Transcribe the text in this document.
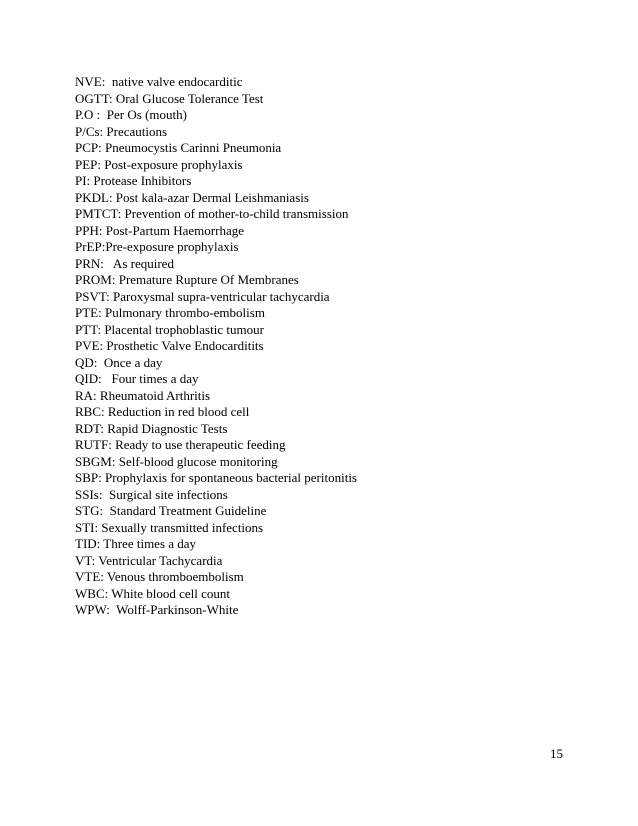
NVE:  native valve endocarditic
OGTT: Oral Glucose Tolerance Test
P.O :  Per Os (mouth)
P/Cs: Precautions
PCP: Pneumocystis Carinni Pneumonia
PEP: Post-exposure prophylaxis
PI: Protease Inhibitors
PKDL: Post kala-azar Dermal Leishmaniasis
PMTCT: Prevention of mother-to-child transmission
PPH: Post-Partum Haemorrhage
PrEP:Pre-exposure prophylaxis
PRN:   As required
PROM: Premature Rupture Of Membranes
PSVT: Paroxysmal supra-ventricular tachycardia
PTE: Pulmonary thrombo-embolism
PTT: Placental trophoblastic tumour
PVE: Prosthetic Valve Endocarditits
QD:  Once a day
QID:   Four times a day
RA: Rheumatoid Arthritis
RBC: Reduction in red blood cell
RDT: Rapid Diagnostic Tests
RUTF: Ready to use therapeutic feeding
SBGM: Self-blood glucose monitoring
SBP: Prophylaxis for spontaneous bacterial peritonitis
SSIs:  Surgical site infections
STG:  Standard Treatment Guideline
STI: Sexually transmitted infections
TID: Three times a day
VT: Ventricular Tachycardia
VTE: Venous thromboembolism
WBC: White blood cell count
WPW:  Wolff-Parkinson-White
15
